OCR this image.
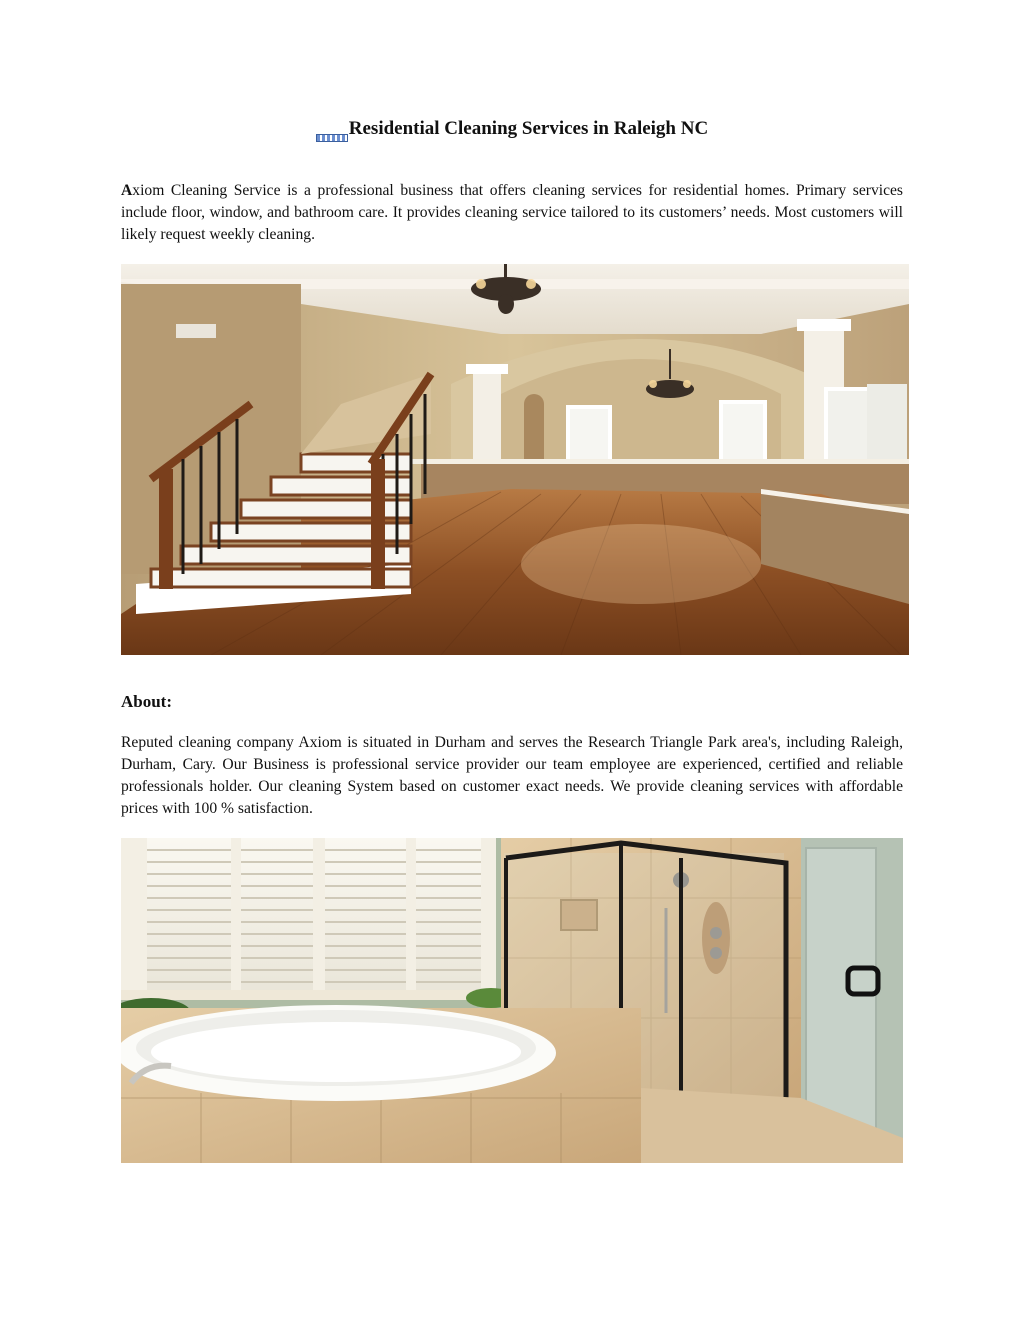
Residential Cleaning Services in Raleigh NC

Axiom Cleaning Service is a professional business that offers cleaning services for residential homes. Primary services include floor, window, and bathroom care. It provides cleaning service tailored to its customers’ needs. Most customers will likely request weekly cleaning.

About:

Reputed cleaning company Axiom is situated in Durham and serves the Research Triangle Park area's, including Raleigh, Durham, Cary. Our Business is professional service provider our team employee are experienced, certified and reliable professionals holder. Our cleaning System based on customer exact needs. We provide cleaning services with affordable prices with 100 % satisfaction.
